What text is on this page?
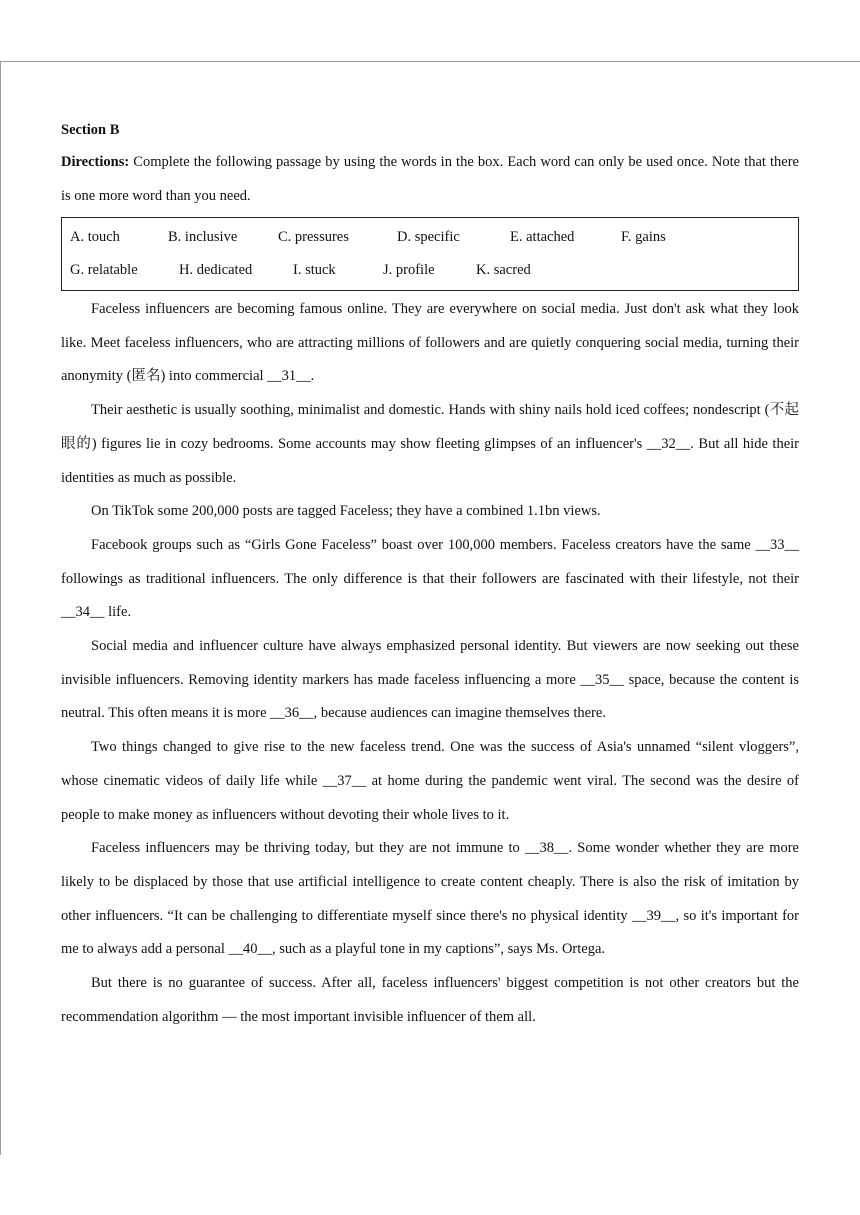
Section B

Directions: Complete the following passage by using the words in the box. Each word can only be used once. Note that there is one more word than you need.

A. touch	B. inclusive	C. pressures	D. specific	E. attached	F. gains
G. relatable	H. dedicated	I. stuck	J. profile	K. sacred

Faceless influencers are becoming famous online. They are everywhere on social media. Just don't ask what they look like. Meet faceless influencers, who are attracting millions of followers and are quietly conquering social media, turning their anonymity (匿名) into commercial __31__.

Their aesthetic is usually soothing, minimalist and domestic. Hands with shiny nails hold iced coffees; nondescript (不起眼的) figures lie in cozy bedrooms. Some accounts may show fleeting glimpses of an influencer's __32__. But all hide their identities as much as possible.

On TikTok some 200,000 posts are tagged Faceless; they have a combined 1.1bn views.

Facebook groups such as “Girls Gone Faceless” boast over 100,000 members. Faceless creators have the same __33__ followings as traditional influencers. The only difference is that their followers are fascinated with their lifestyle, not their __34__ life.

Social media and influencer culture have always emphasized personal identity. But viewers are now seeking out these invisible influencers. Removing identity markers has made faceless influencing a more __35__ space, because the content is neutral. This often means it is more __36__, because audiences can imagine themselves there.

Two things changed to give rise to the new faceless trend. One was the success of Asia's unnamed “silent vloggers”, whose cinematic videos of daily life while __37__ at home during the pandemic went viral. The second was the desire of people to make money as influencers without devoting their whole lives to it.

Faceless influencers may be thriving today, but they are not immune to __38__. Some wonder whether they are more likely to be displaced by those that use artificial intelligence to create content cheaply. There is also the risk of imitation by other influencers. “It can be challenging to differentiate myself since there's no physical identity __39__, so it's important for me to always add a personal __40__, such as a playful tone in my captions”, says Ms. Ortega.

But there is no guarantee of success. After all, faceless influencers' biggest competition is not other creators but the recommendation algorithm — the most important invisible influencer of them all.
